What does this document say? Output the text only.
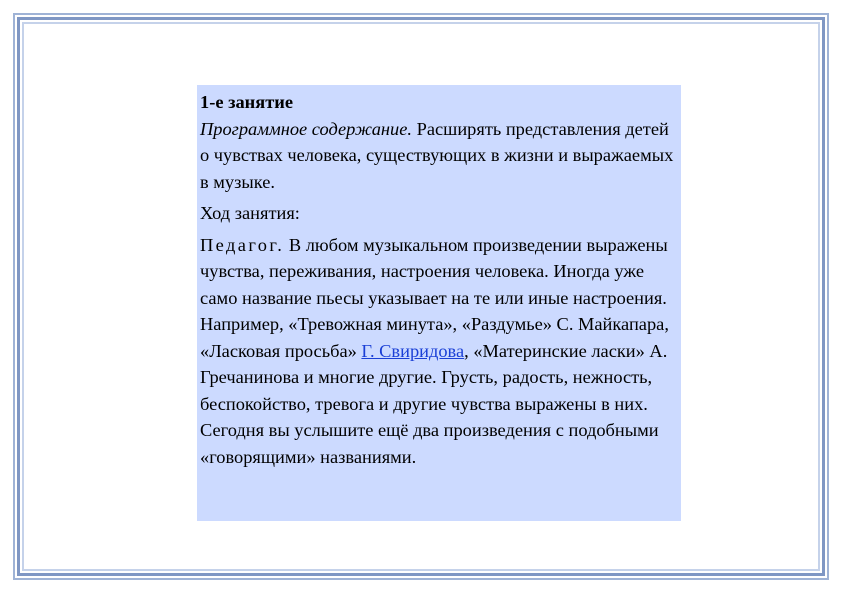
1-е занятие

Программное содержание. Расширять представления детей о чувствах человека, существующих в жизни и выражаемых в музыке.

Ход занятия:

Педагог. В любом музыкальном произведении выражены чувства, переживания, настроения человека. Иногда уже само название пьесы указывает на те или иные настроения. Например, «Тревожная минута», «Раздумье» С. Майкапара, «Ласковая просьба» Г. Свиридова, «Материнские ласки» А. Гречанинова и многие другие. Грусть, радость, нежность, беспокойство, тревога и другие чувства выражены в них. Сегодня вы услышите ещё два произведения с подобными «говорящими» названиями.
